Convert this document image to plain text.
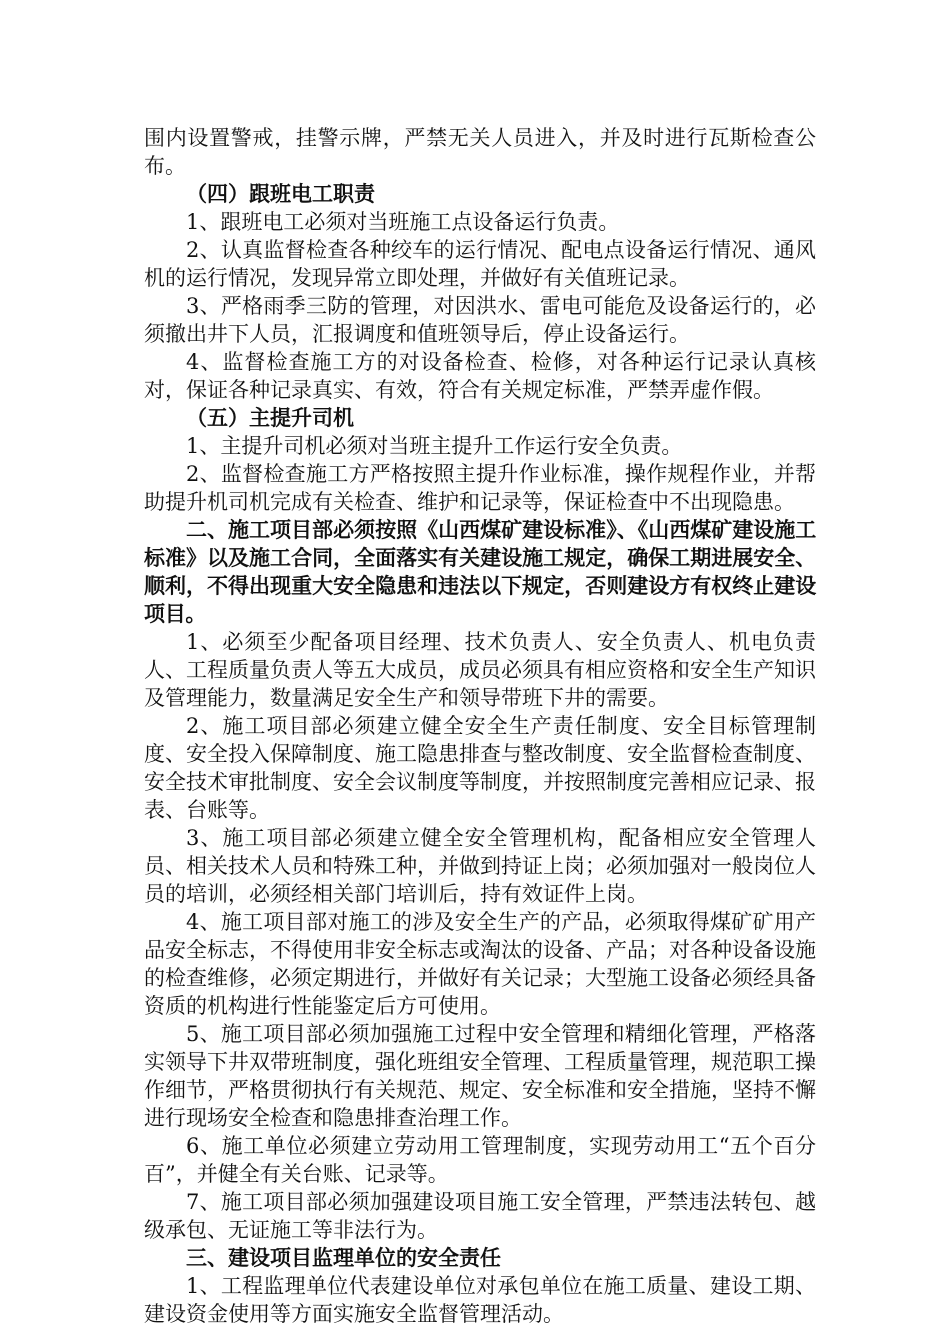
围内设置警戒，挂警示牌，严禁无关人员进入，并及时进行瓦斯检查公布。

（四）跟班电工职责

1、跟班电工必须对当班施工点设备运行负责。

2、认真监督检查各种绞车的运行情况、配电点设备运行情况、通风机的运行情况，发现异常立即处理，并做好有关值班记录。

3、严格雨季三防的管理，对因洪水、雷电可能危及设备运行的，必须撤出井下人员，汇报调度和值班领导后，停止设备运行。

4、监督检查施工方的对设备检查、检修，对各种运行记录认真核对，保证各种记录真实、有效，符合有关规定标准，严禁弄虚作假。

（五）主提升司机

1、主提升司机必须对当班主提升工作运行安全负责。

2、监督检查施工方严格按照主提升作业标准，操作规程作业，并帮助提升机司机完成有关检查、维护和记录等，保证检查中不出现隐患。

二、施工项目部必须按照《山西煤矿建设标准》、《山西煤矿建设施工标准》以及施工合同，全面落实有关建设施工规定，确保工期进展安全、顺利，不得出现重大安全隐患和违法以下规定，否则建设方有权终止建设项目。

1、必须至少配备项目经理、技术负责人、安全负责人、机电负责人、工程质量负责人等五大成员，成员必须具有相应资格和安全生产知识及管理能力，数量满足安全生产和领导带班下井的需要。

2、施工项目部必须建立健全安全生产责任制度、安全目标管理制度、安全投入保障制度、施工隐患排查与整改制度、安全监督检查制度、安全技术审批制度、安全会议制度等制度，并按照制度完善相应记录、报表、台账等。

3、施工项目部必须建立健全安全管理机构，配备相应安全管理人员、相关技术人员和特殊工种，并做到持证上岗；必须加强对一般岗位人员的培训，必须经相关部门培训后，持有效证件上岗。

4、施工项目部对施工的涉及安全生产的产品，必须取得煤矿矿用产品安全标志，不得使用非安全标志或淘汰的设备、产品；对各种设备设施的检查维修，必须定期进行，并做好有关记录；大型施工设备必须经具备资质的机构进行性能鉴定后方可使用。

5、施工项目部必须加强施工过程中安全管理和精细化管理，严格落实领导下井双带班制度，强化班组安全管理、工程质量管理，规范职工操作细节，严格贯彻执行有关规范、规定、安全标准和安全措施，坚持不懈进行现场安全检查和隐患排查治理工作。

6、施工单位必须建立劳动用工管理制度，实现劳动用工“五个百分百”，并健全有关台账、记录等。

7、施工项目部必须加强建设项目施工安全管理，严禁违法转包、越级承包、无证施工等非法行为。

三、建设项目监理单位的安全责任

1、工程监理单位代表建设单位对承包单位在施工质量、建设工期、建设资金使用等方面实施安全监督管理活动。
